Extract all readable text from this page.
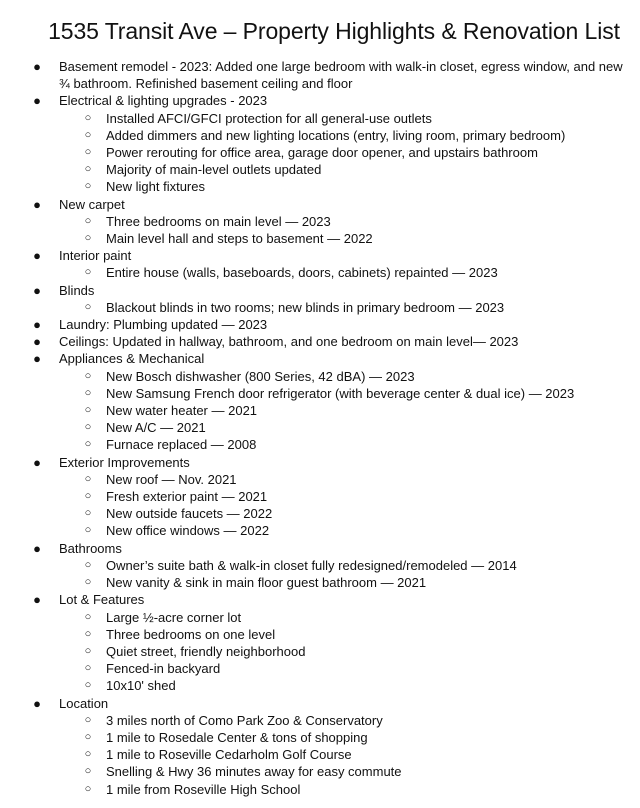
1535 Transit Ave – Property Highlights & Renovation List
● Basement remodel - 2023: Added one large bedroom with walk-in closet, egress window, and new ¾ bathroom. Refinished basement ceiling and floor
● Electrical & lighting upgrades - 2023
○ Installed AFCI/GFCI protection for all general-use outlets
○ Added dimmers and new lighting locations (entry, living room, primary bedroom)
○ Power rerouting for office area, garage door opener, and upstairs bathroom
○ Majority of main-level outlets updated
○ New light fixtures
● New carpet
○ Three bedrooms on main level — 2023
○ Main level hall and steps to basement — 2022
● Interior paint
○ Entire house (walls, baseboards, doors, cabinets) repainted — 2023
● Blinds
○ Blackout blinds in two rooms; new blinds in primary bedroom — 2023
● Laundry: Plumbing updated — 2023
● Ceilings: Updated in hallway, bathroom, and one bedroom on main level— 2023
● Appliances & Mechanical
○ New Bosch dishwasher (800 Series, 42 dBA) — 2023
○ New Samsung French door refrigerator (with beverage center & dual ice) — 2023
○ New water heater — 2021
○ New A/C — 2021
○ Furnace replaced — 2008
● Exterior Improvements
○ New roof — Nov. 2021
○ Fresh exterior paint — 2021
○ New outside faucets — 2022
○ New office windows — 2022
● Bathrooms
○ Owner’s suite bath & walk-in closet fully redesigned/remodeled — 2014
○ New vanity & sink in main floor guest bathroom — 2021
● Lot & Features
○ Large ½-acre corner lot
○ Three bedrooms on one level
○ Quiet street, friendly neighborhood
○ Fenced-in backyard
○ 10x10' shed
● Location
○ 3 miles north of Como Park Zoo & Conservatory
○ 1 mile to Rosedale Center & tons of shopping
○ 1 mile to Roseville Cedarholm Golf Course
○ Snelling & Hwy 36 minutes away for easy commute
○ 1 mile from Roseville High School
